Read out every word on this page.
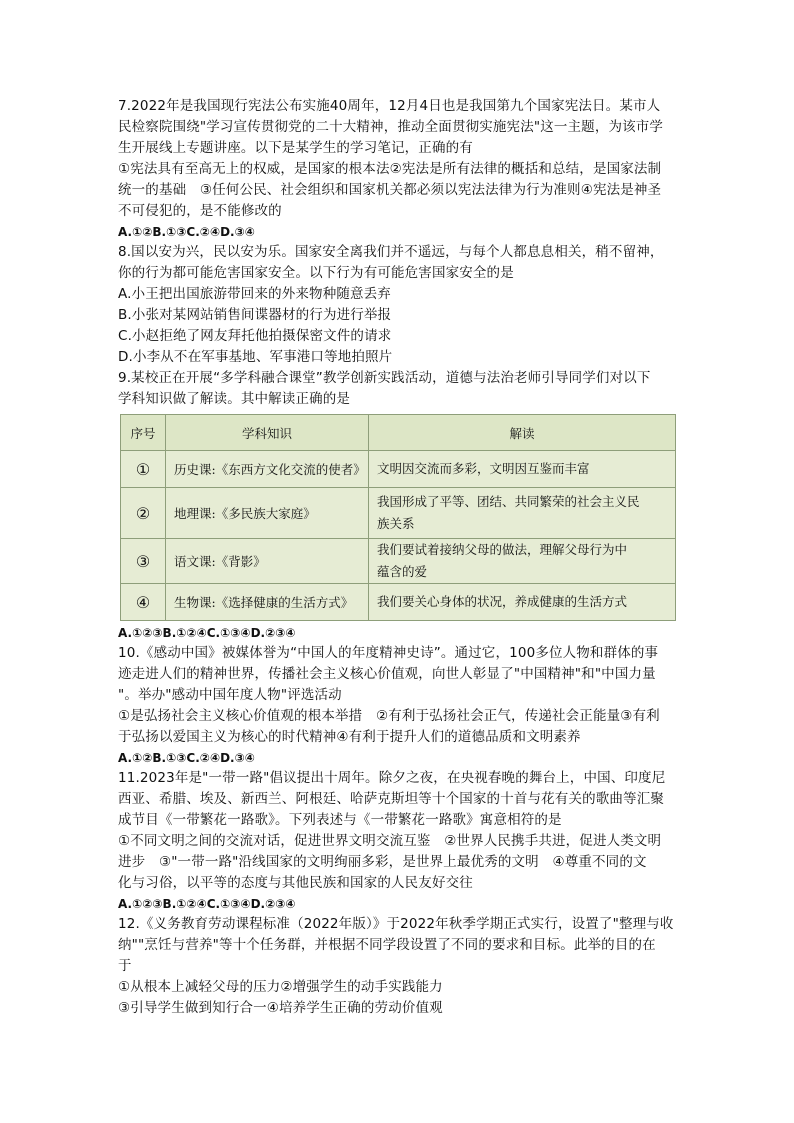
7.2022年是我国现行宪法公布实施40周年，12月4日也是我国第九个国家宪法日。某市人
民检察院围绕"学习宣传贯彻党的二十大精神，推动全面贯彻实施宪法"这一主题，为该市学
生开展线上专题讲座。以下是某学生的学习笔记，正确的有
①宪法具有至高无上的权威，是国家的根本法②宪法是所有法律的概括和总结，是国家法制
统一的基础　③任何公民、社会组织和国家机关都必须以宪法法律为行为准则④宪法是神圣
不可侵犯的，是不能修改的
A.①②B.①③C.②④D.③④
8.国以安为兴，民以安为乐。国家安全离我们并不遥远，与每个人都息息相关，稍不留神，
你的行为都可能危害国家安全。以下行为有可能危害国家安全的是
A.小王把出国旅游带回来的外来物种随意丢弃
B.小张对某网站销售间谍器材的行为进行举报
C.小赵拒绝了网友拜托他拍摄保密文件的请求
D.小李从不在军事基地、军事港口等地拍照片
9.某校正在开展“多学科融合课堂”教学创新实践活动，道德与法治老师引导同学们对以下
学科知识做了解读。其中解读正确的是
序号	学科知识	解读
①	历史课:《东西方文化交流的使者》	文明因交流而多彩，文明因互鉴而丰富

②	地理课:《多民族大家庭》	我国形成了平等、团结、共同繁荣的社会主义民
族关系

③	语文课:《背影》	我们要试着接纳父母的做法，理解父母行为中
蕴含的爱

④	生物课:《选择健康的生活方式》	我们要关心身体的状况，养成健康的生活方式
A.①②③B.①②④C.①③④D.②③④
10.《感动中国》被媒体誉为“中国人的年度精神史诗”。通过它，100多位人物和群体的事
迹走进人们的精神世界，传播社会主义核心价值观，向世人彰显了"中国精神"和"中国力量
"。举办"感动中国年度人物"评选活动
①是弘扬社会主义核心价值观的根本举措　②有利于弘扬社会正气，传递社会正能量③有利
于弘扬以爱国主义为核心的时代精神④有利于提升人们的道德品质和文明素养
A.①②B.①③C.②④D.③④
11.2023年是"一带一路"倡议提出十周年。除夕之夜，在央视春晚的舞台上，中国、印度尼
西亚、希腊、埃及、新西兰、阿根廷、哈萨克斯坦等十个国家的十首与花有关的歌曲等汇聚
成节目《一带繁花一路歌》。下列表述与《一带繁花一路歌》寓意相符的是
①不同文明之间的交流对话，促进世界文明交流互鉴　②世界人民携手共进，促进人类文明
进步　③"一带一路"沿线国家的文明绚丽多彩，是世界上最优秀的文明　④尊重不同的文
化与习俗，以平等的态度与其他民族和国家的人民友好交往
A.①②③B.①②④C.①③④D.②③④
12.《义务教育劳动课程标准（2022年版）》于2022年秋季学期正式实行，设置了"整理与收
纳""烹饪与营养"等十个任务群，并根据不同学段设置了不同的要求和目标。此举的目的在
于
①从根本上减轻父母的压力②增强学生的动手实践能力
③引导学生做到知行合一④培养学生正确的劳动价值观
